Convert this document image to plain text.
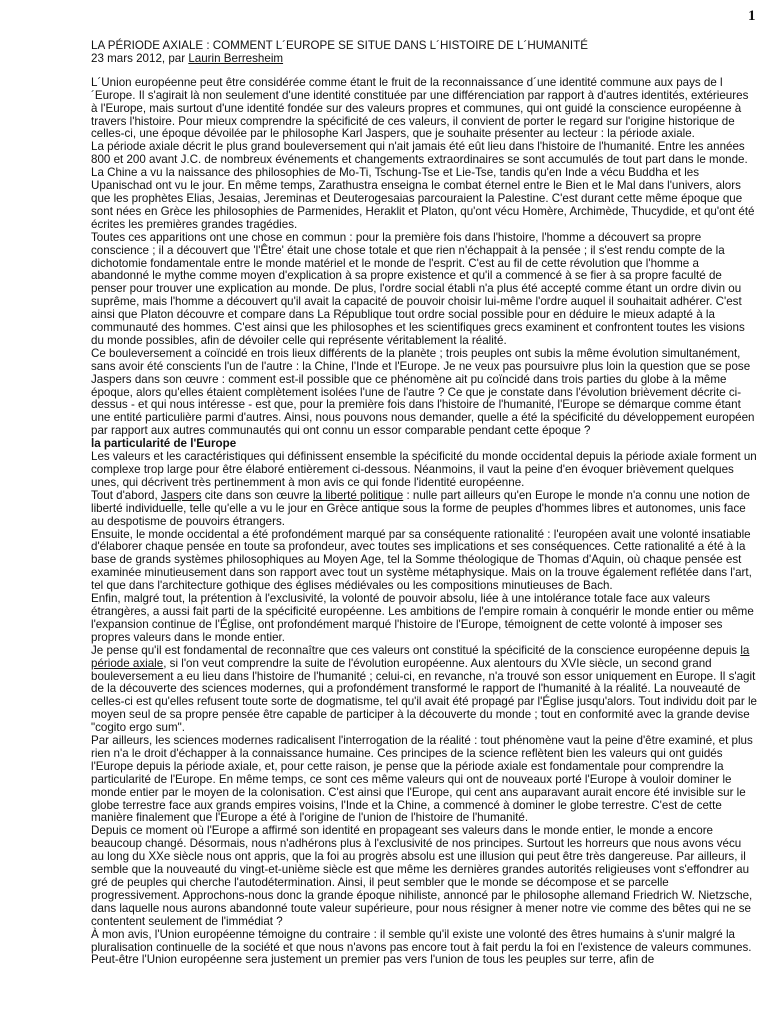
1

LA PÉRIODE AXIALE : COMMENT L´EUROPE SE SITUE DANS L´HISTOIRE DE L´HUMANITÉ

23 mars 2012, par Laurin Berresheim

L´Union européenne peut être considérée comme étant le fruit de la reconnaissance d´une identité commune aux pays de l´Europe. Il s'agirait là non seulement d'une identité constituée par une différenciation par rapport à d'autres identités, extérieures à l'Europe, mais surtout d'une identité fondée sur des valeurs propres et communes, qui ont guidé la conscience européenne à travers l'histoire. Pour mieux comprendre la spécificité de ces valeurs, il convient de porter le regard sur l'origine historique de celles-ci, une époque dévoilée par le philosophe Karl Jaspers, que je souhaite présenter au lecteur : la période axiale.

La période axiale décrit le plus grand bouleversement qui n'ait jamais été eût lieu dans l'histoire de l'humanité. Entre les années 800 et 200 avant J.C. de nombreux événements et changements extraordinaires se sont accumulés de tout part dans le monde. La Chine a vu la naissance des philosophies de Mo-Ti, Tschung-Tse et Lie-Tse, tandis qu'en Inde a vécu Buddha et les Upanischad ont vu le jour. En même temps, Zarathustra enseigna le combat éternel entre le Bien et le Mal dans l'univers, alors que les prophètes Elias, Jesaias, Jereminas et Deuterogesaias parcouraient la Palestine. C'est durant cette même époque que sont nées en Grèce les philosophies de Parmenides, Heraklit et Platon, qu'ont vécu Homère, Archimède, Thucydide, et qu'ont été écrites les premières grandes tragédies.

Toutes ces apparitions ont une chose en commun : pour la première fois dans l'histoire, l'homme a découvert sa propre conscience ; il a découvert que 'l'Être' était une chose totale et que rien n'échappait à la pensée ; il s'est rendu compte de la dichotomie fondamentale entre le monde matériel et le monde de l'esprit. C'est au fil de cette révolution que l'homme a abandonné le mythe comme moyen d'explication à sa propre existence et qu'il a commencé à se fier à sa propre faculté de penser pour trouver une explication au monde. De plus, l'ordre social établi n'a plus été accepté comme étant un ordre divin ou suprême, mais l'homme a découvert qu'il avait la capacité de pouvoir choisir lui-même l'ordre auquel il souhaitait adhérer. C'est ainsi que Platon découvre et compare dans La République tout ordre social possible pour en déduire le mieux adapté à la communauté des hommes. C'est ainsi que les philosophes et les scientifiques grecs examinent et confrontent toutes les visions du monde possibles, afin de dévoiler celle qui représente véritablement la réalité.

Ce bouleversement a coïncidé en trois lieux différents de la planète ; trois peuples ont subis la même évolution simultanément, sans avoir été conscients l'un de l'autre : la Chine, l'Inde et l'Europe. Je ne veux pas poursuivre plus loin la question que se pose Jaspers dans son œuvre : comment est-il possible que ce phénomène ait pu coïncidé dans trois parties du globe à la même époque, alors qu'elles étaient complètement isolées l'une de l'autre ? Ce que je constate dans l'évolution brièvement décrite ci-dessus - et qui nous intéresse - est que, pour la première fois dans l'histoire de l'humanité, l'Europe se démarque comme étant une entité particulière parmi d'autres. Ainsi, nous pouvons nous demander, quelle a été la spécificité du développement européen par rapport aux autres communautés qui ont connu un essor comparable pendant cette époque ?

la particularité de l'Europe

Les valeurs et les caractéristiques qui définissent ensemble la spécificité du monde occidental depuis la période axiale forment un complexe trop large pour être élaboré entièrement ci-dessous. Néanmoins, il vaut la peine d'en évoquer brièvement quelques unes, qui décrivent très pertinemment à mon avis ce qui fonde l'identité européenne.

Tout d'abord, Jaspers cite dans son œuvre la liberté politique : nulle part ailleurs qu'en Europe le monde n'a connu une notion de liberté individuelle, telle qu'elle a vu le jour en Grèce antique sous la forme de peuples d'hommes libres et autonomes, unis face au despotisme de pouvoirs étrangers.

Ensuite, le monde occidental a été profondément marqué par sa conséquente rationalité : l'européen avait une volonté insatiable d'élaborer chaque pensée en toute sa profondeur, avec toutes ses implications et ses conséquences. Cette rationalité a été à la base de grands systèmes philosophiques au Moyen Age, tel la Somme théologique de Thomas d'Aquin, où chaque pensée est examinée minutieusement dans son rapport avec tout un système métaphysique. Mais on la trouve également reflétée dans l'art, tel que dans l'architecture gothique des églises médiévales ou les compositions minutieuses de Bach.

Enfin, malgré tout, la prétention à l'exclusivité, la volonté de pouvoir absolu, liée à une intolérance totale face aux valeurs étrangères, a aussi fait parti de la spécificité européenne. Les ambitions de l'empire romain à conquérir le monde entier ou même l'expansion continue de l'Église, ont profondément marqué l'histoire de l'Europe, témoignent de cette volonté à imposer ses propres valeurs dans le monde entier.

Je pense qu'il est fondamental de reconnaître que ces valeurs ont constitué la spécificité de la conscience européenne depuis la période axiale, si l'on veut comprendre la suite de l'évolution européenne. Aux alentours du XVIe siècle, un second grand bouleversement a eu lieu dans l'histoire de l'humanité ; celui-ci, en revanche, n'a trouvé son essor uniquement en Europe. Il s'agit de la découverte des sciences modernes, qui a profondément transformé le rapport de l'humanité à la réalité. La nouveauté de celles-ci est qu'elles refusent toute sorte de dogmatisme, tel qu'il avait été propagé par l'Église jusqu'alors. Tout individu doit par le moyen seul de sa propre pensée être capable de participer à la découverte du monde ; tout en conformité avec la grande devise "cogito ergo sum".

Par ailleurs, les sciences modernes radicalisent l'interrogation de la réalité : tout phénomène vaut la peine d'être examiné, et plus rien n'a le droit d'échapper à la connaissance humaine. Ces principes de la science reflètent bien les valeurs qui ont guidés l'Europe depuis la période axiale, et, pour cette raison, je pense que la période axiale est fondamentale pour comprendre la particularité de l'Europe. En même temps, ce sont ces même valeurs qui ont de nouveaux porté l'Europe à vouloir dominer le monde entier par le moyen de la colonisation. C'est ainsi que l'Europe, qui cent ans auparavant aurait encore été invisible sur le globe terrestre face aux grands empires voisins, l'Inde et la Chine, a commencé à dominer le globe terrestre. C'est de cette manière finalement que l'Europe a été à l'origine de l'union de l'histoire de l'humanité.

Depuis ce moment où l'Europe a affirmé son identité en propageant ses valeurs dans le monde entier, le monde a encore beaucoup changé. Désormais, nous n'adhérons plus à l'exclusivité de nos principes. Surtout les horreurs que nous avons vécu au long du XXe siècle nous ont appris, que la foi au progrès absolu est une illusion qui peut être très dangereuse. Par ailleurs, il semble que la nouveauté du vingt-et-unième siècle est que même les dernières grandes autorités religieuses vont s'effondrer au gré de peuples qui cherche l'autodétermination. Ainsi, il peut sembler que le monde se décompose et se parcelle progressivement. Approchons-nous donc la grande époque nihiliste, annoncé par le philosophe allemand Friedrich W. Nietzsche, dans laquelle nous aurons abandonné toute valeur supérieure, pour nous résigner à mener notre vie comme des bêtes qui ne se contentent seulement de l'immédiat ?

À mon avis, l'Union européenne témoigne du contraire : il semble qu'il existe une volonté des êtres humains à s'unir malgré la pluralisation continuelle de la société et que nous n'avons pas encore tout à fait perdu la foi en l'existence de valeurs communes. Peut-être l'Union européenne sera justement un premier pas vers l'union de tous les peuples sur terre, afin de
